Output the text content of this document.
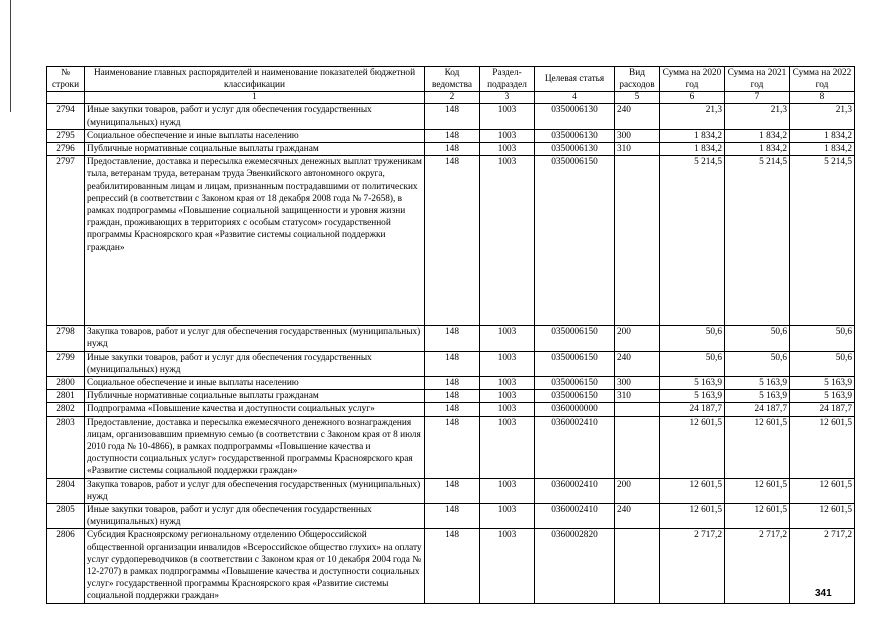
№ строки	Наименование главных распорядителей и наименование показателей бюджетной классификации	Код ведомства	Раздел-подраздел	Целевая статья	Вид расходов	Сумма на 2020 год	Сумма на 2021 год	Сумма на 2022 год
	1	2	3	4	5	6	7	8
2794	Иные закупки товаров, работ и услуг для обеспечения государственных (муниципальных) нужд	148	1003	0350006130	240	21,3	21,3	21,3
2795	Социальное обеспечение и иные выплаты населению	148	1003	0350006130	300	1 834,2	1 834,2	1 834,2
2796	Публичные нормативные социальные выплаты гражданам	148	1003	0350006130	310	1 834,2	1 834,2	1 834,2
2797	Предоставление, доставка и пересылка ежемесячных денежных выплат труженикам тыла, ветеранам труда, ветеранам труда Эвенкийского автономного округа, реабилитированным лицам и лицам, признанным пострадавшими от политических репрессий (в соответствии с Законом края от 18 декабря 2008 года № 7-2658), в рамках подпрограммы «Повышение социальной защищенности и уровня жизни граждан, проживающих в территориях с особым статусом» государственной программы Красноярского края «Развитие системы социальной поддержки граждан»	148	1003	0350006150		5 214,5	5 214,5	5 214,5
2798	Закупка товаров, работ и услуг для обеспечения государственных (муниципальных) нужд	148	1003	0350006150	200	50,6	50,6	50,6
2799	Иные закупки товаров, работ и услуг для обеспечения государственных (муниципальных) нужд	148	1003	0350006150	240	50,6	50,6	50,6
2800	Социальное обеспечение и иные выплаты населению	148	1003	0350006150	300	5 163,9	5 163,9	5 163,9
2801	Публичные нормативные социальные выплаты гражданам	148	1003	0350006150	310	5 163,9	5 163,9	5 163,9
2802	Подпрограмма «Повышение качества и доступности социальных услуг»	148	1003	0360000000		24 187,7	24 187,7	24 187,7
2803	Предоставление, доставка и пересылка ежемесячного денежного вознаграждения лицам, организовавшим приемную семью (в соответствии с Законом края от 8 июля 2010 года № 10-4866), в рамках подпрограммы «Повышение качества и доступности социальных услуг» государственной программы Красноярского края «Развитие системы социальной поддержки граждан»	148	1003	0360002410		12 601,5	12 601,5	12 601,5
2804	Закупка товаров, работ и услуг для обеспечения государственных (муниципальных) нужд	148	1003	0360002410	200	12 601,5	12 601,5	12 601,5
2805	Иные закупки товаров, работ и услуг для обеспечения государственных (муниципальных) нужд	148	1003	0360002410	240	12 601,5	12 601,5	12 601,5
2806	Субсидия Красноярскому региональному отделению Общероссийской общественной организации инвалидов «Всероссийское общество глухих» на оплату услуг сурдопереводчиков (в соответствии с Законом края от 10 декабря 2004 года № 12-2707) в рамках подпрограммы «Повышение качества и доступности социальных услуг» государственной программы Красноярского края «Развитие системы социальной поддержки граждан»	148	1003	0360002820		2 717,2	2 717,2	2 717,2
341
